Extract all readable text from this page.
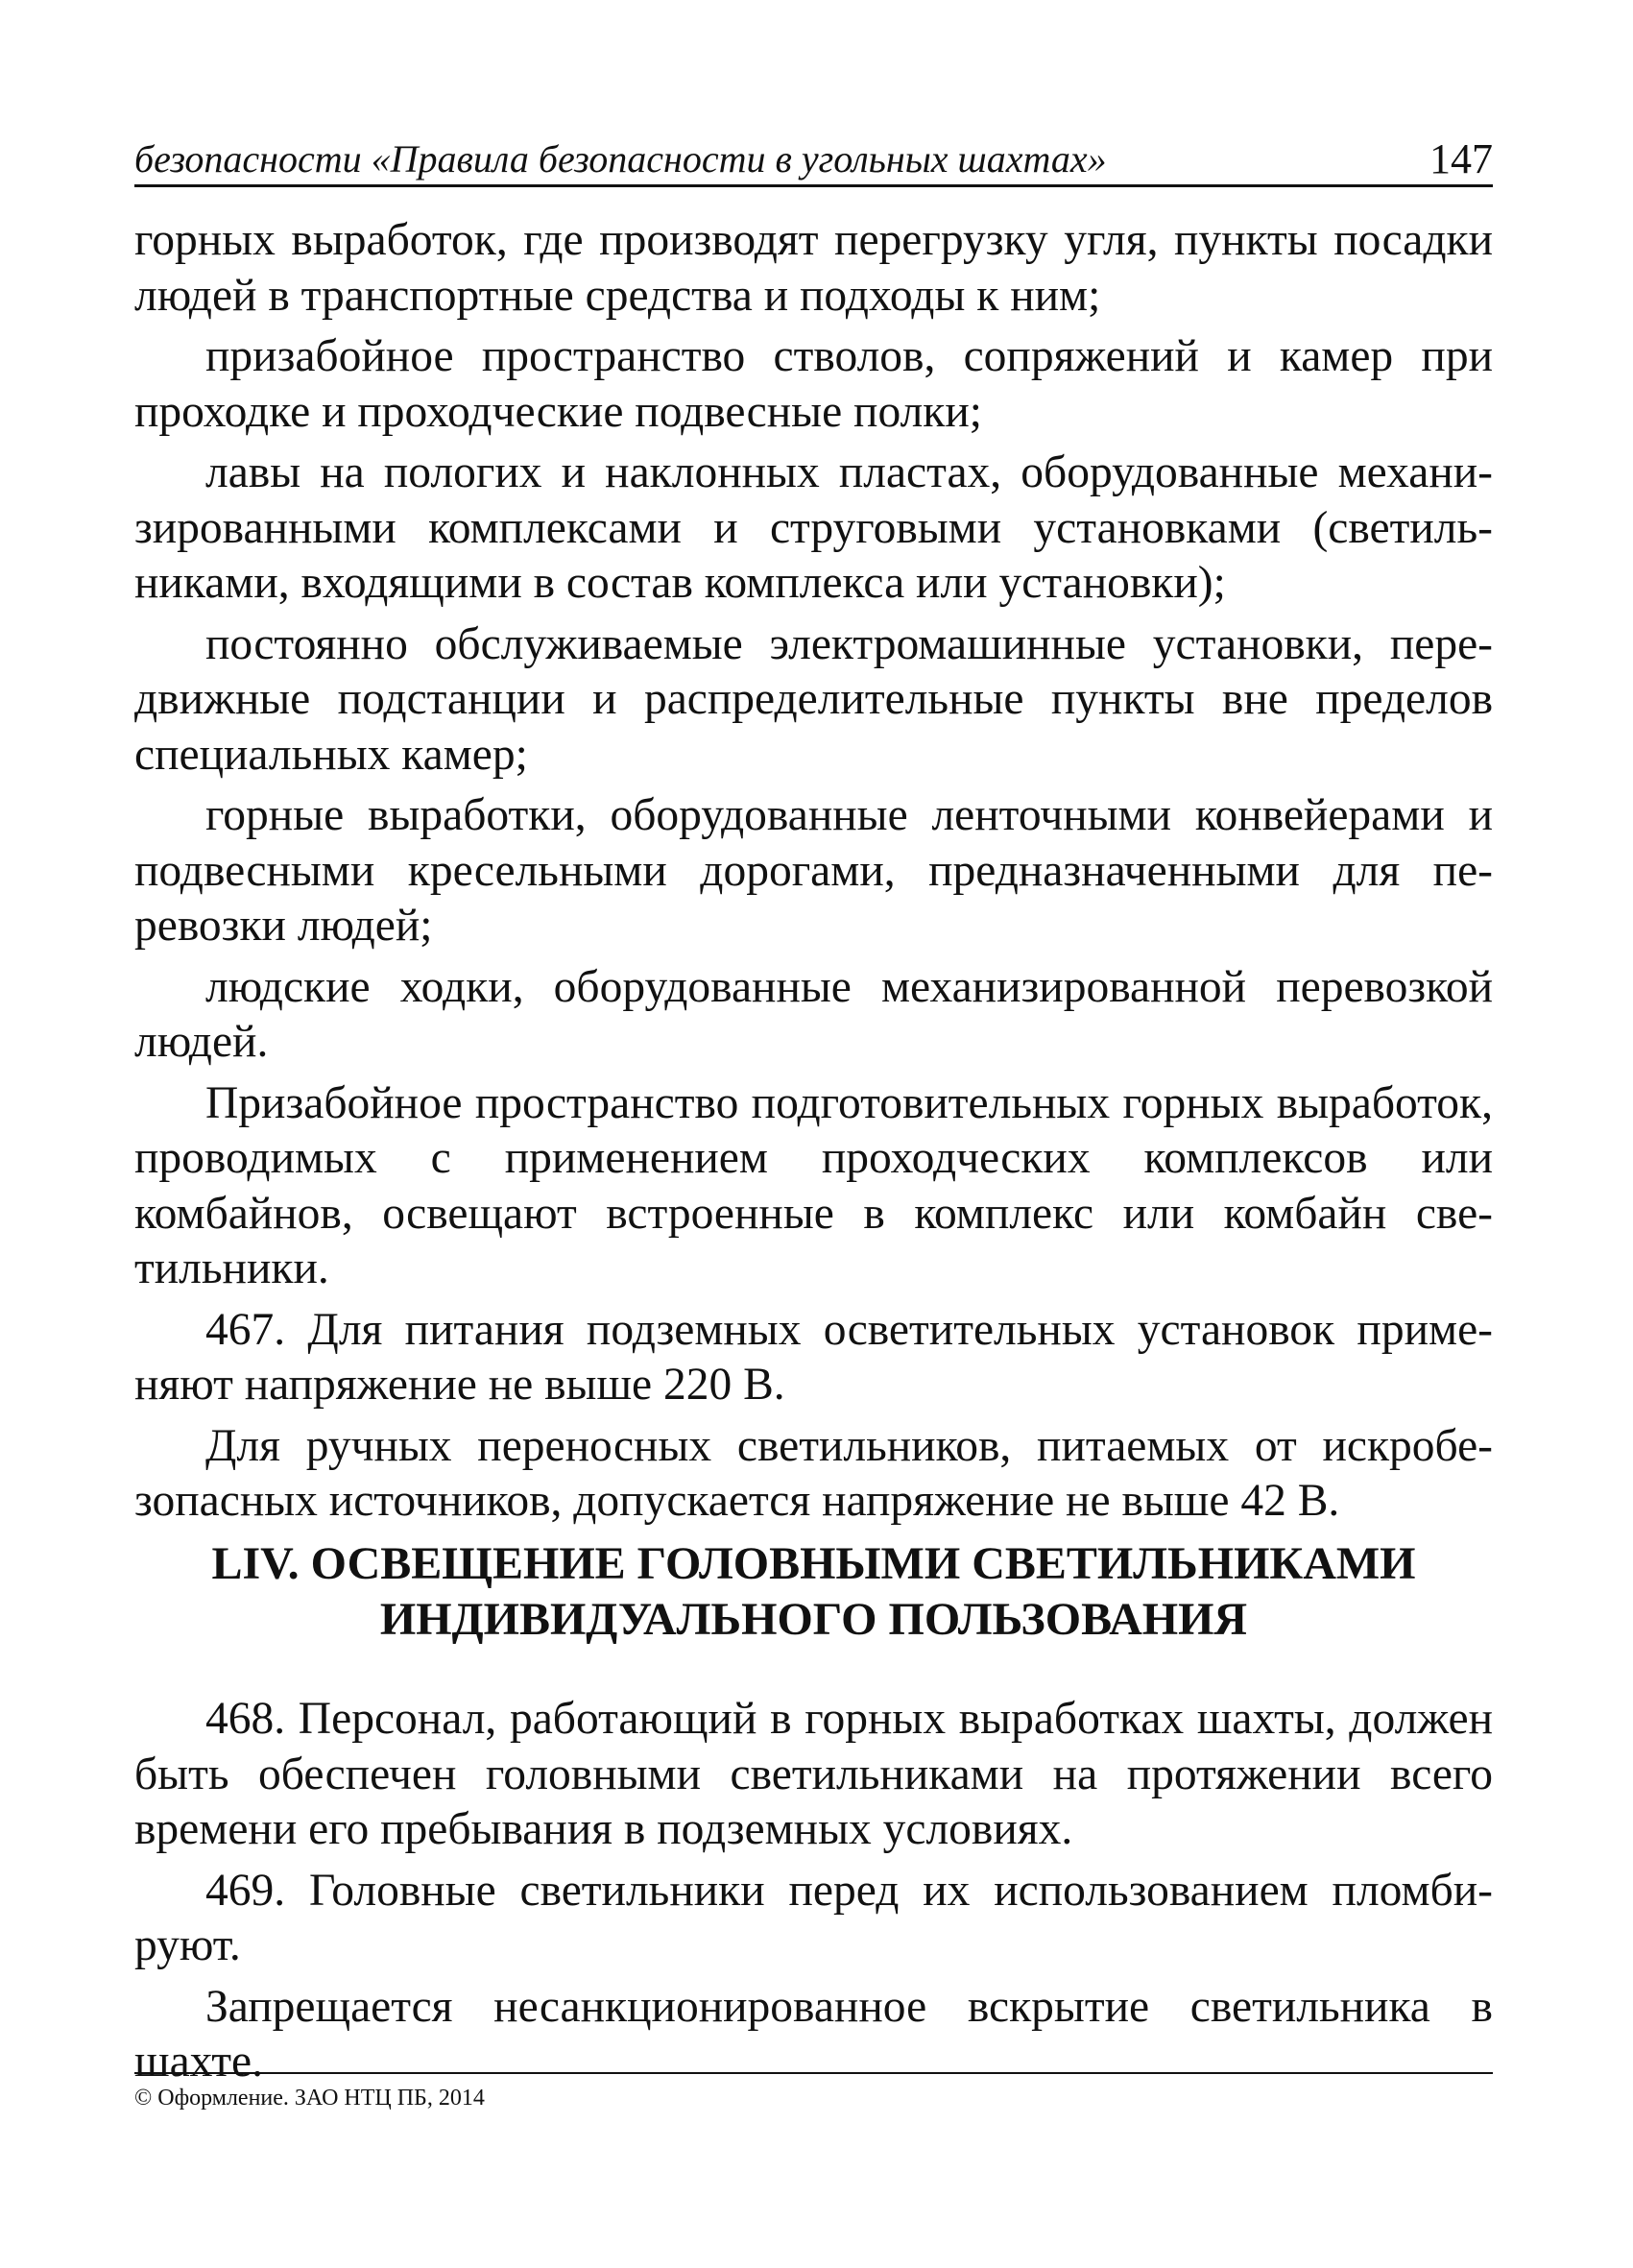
безопасности «Правила безопасности в угольных шахтах»	147

горных выработок, где производят перегрузку угля, пункты посадки людей в транспортные средства и подходы к ним;

призабойное пространство стволов, сопряжений и камер при проходке и проходческие подвесные полки;

лавы на пологих и наклонных пластах, оборудованные механизированными комплексами и струговыми установками (светильниками, входящими в состав комплекса или установки);

постоянно обслуживаемые электромашинные установки, передвижные подстанции и распределительные пункты вне пределов специальных камер;

горные выработки, оборудованные ленточными конвейерами и подвесными кресельными дорогами, предназначенными для перевозки людей;

людские ходки, оборудованные механизированной перевозкой людей.

Призабойное пространство подготовительных горных выработок, проводимых с применением проходческих комплексов или комбайнов, освещают встроенные в комплекс или комбайн светильники.

467. Для питания подземных осветительных установок применяют напряжение не выше 220 В.

Для ручных переносных светильников, питаемых от искробезопасных источников, допускается напряжение не выше 42 В.

LIV. ОСВЕЩЕНИЕ ГОЛОВНЫМИ СВЕТИЛЬНИКАМИ
ИНДИВИДУАЛЬНОГО ПОЛЬЗОВАНИЯ

468. Персонал, работающий в горных выработках шахты, должен быть обеспечен головными светильниками на протяжении всего времени его пребывания в подземных условиях.

469. Головные светильники перед их использованием пломбируют.

Запрещается несанкционированное вскрытие светильника в шахте.

© Оформление. ЗАО НТЦ ПБ, 2014
